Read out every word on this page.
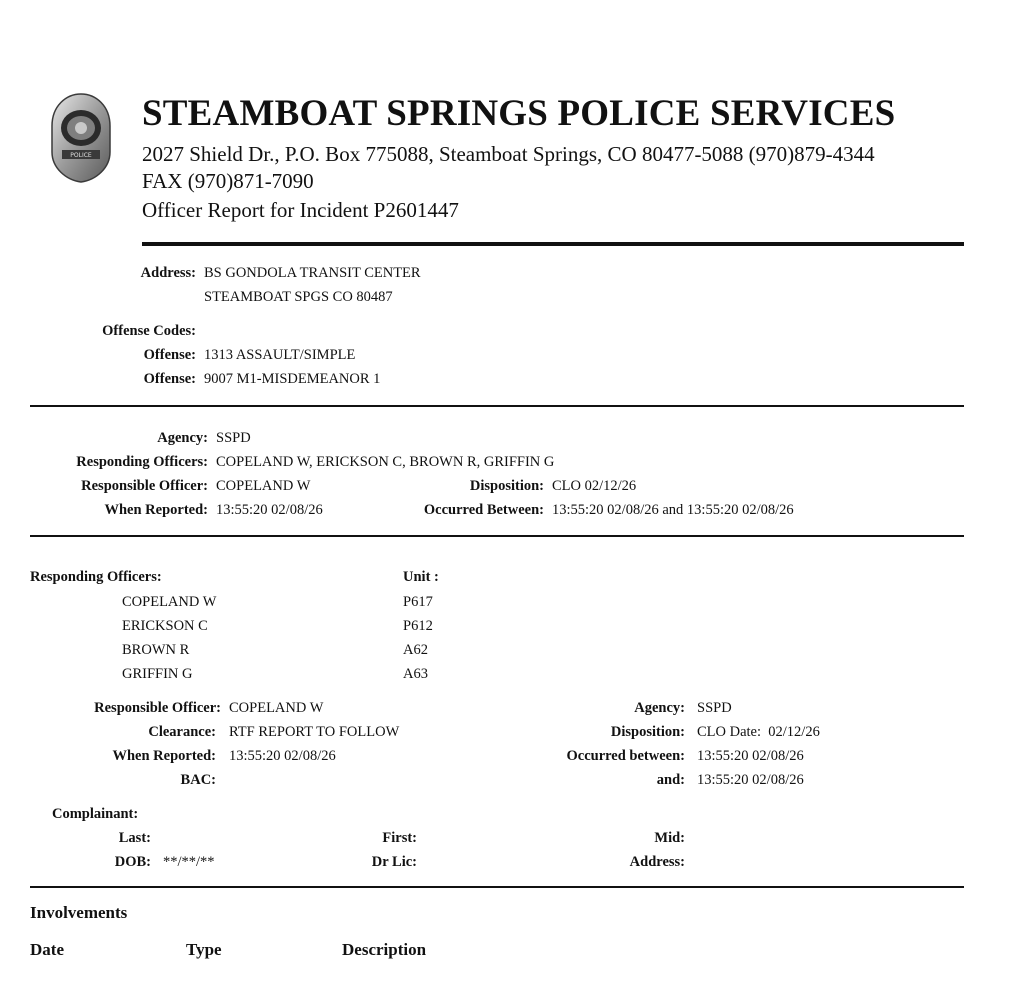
POLICE
STEAMBOAT SPRINGS POLICE SERVICES
2027 Shield Dr., P.O. Box 775088, Steamboat Springs, CO 80477-5088 (970)879-4344
FAX (970)871-7090
Officer Report for Incident P2601447
Address: BS GONDOLA TRANSIT CENTER
STEAMBOAT SPGS CO 80487
Offense Codes:
Offense: 1313 ASSAULT/SIMPLE
Offense: 9007 M1-MISDEMEANOR 1
Agency: SSPD
Responding Officers: COPELAND W, ERICKSON C, BROWN R, GRIFFIN G
Responsible Officer: COPELAND W	Disposition: CLO 02/12/26
When Reported: 13:55:20 02/08/26	Occurred Between: 13:55:20 02/08/26 and 13:55:20 02/08/26
Responding Officers:	Unit :
COPELAND W	P617
ERICKSON C	P612
BROWN R	A62
GRIFFIN G	A63
Responsible Officer: COPELAND W
Clearance: RTF REPORT TO FOLLOW
When Reported: 13:55:20 02/08/26
BAC:
Agency: SSPD
Disposition: CLO Date:  02/12/26
Occurred between: 13:55:20 02/08/26
and: 13:55:20 02/08/26
Complainant:
Last:	First:	Mid:
DOB: **/**/**	Dr Lic:	Address:
Involvements
Date	Type	Description
